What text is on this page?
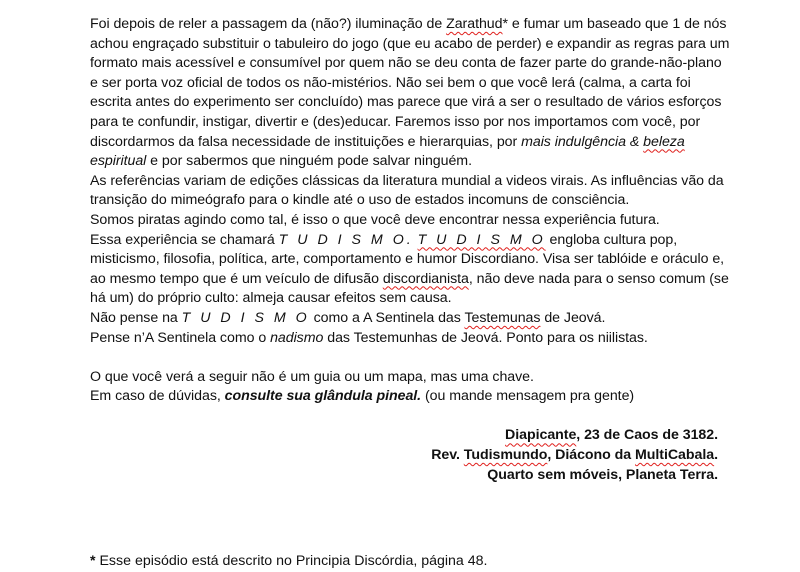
Foi depois de reler a passagem da (não?) iluminação de Zarathud* e fumar um baseado que 1 de nós achou engraçado substituir o tabuleiro do jogo (que eu acabo de perder) e expandir as regras para um formato mais acessível e consumível por quem não se deu conta de fazer parte do grande-não-plano e ser porta voz oficial de todos os não-mistérios. Não sei bem o que você lerá (calma, a carta foi escrita antes do experimento ser concluído) mas parece que virá a ser o resultado de vários esforços para te confundir, instigar, divertir e (des)educar. Faremos isso por nos importamos com você, por discordarmos da falsa necessidade de instituições e hierarquias, por mais indulgência & beleza espiritual e por sabermos que ninguém pode salvar ninguém.

As referências variam de edições clássicas da literatura mundial a videos virais. As influências vão da transição do mimeógrafo para o kindle até o uso de estados incomuns de consciência.

Somos piratas agindo como tal, é isso o que você deve encontrar nessa experiência futura.

Essa experiência se chamará T U D I S M O. T U D I S M O engloba cultura pop, misticismo, filosofia, política, arte, comportamento e humor Discordiano. Visa ser tablóide e oráculo e, ao mesmo tempo que é um veículo de difusão discordianista, não deve nada para o senso comum (se há um) do próprio culto: almeja causar efeitos sem causa.

Não pense na T U D I S M O como a A Sentinela das Testemunas de Jeová.

Pense n’A Sentinela como o nadismo das Testemunhas de Jeová. Ponto para os niilistas.

O que você verá a seguir não é um guia ou um mapa, mas uma chave.

Em caso de dúvidas, consulte sua glândula pineal. (ou mande mensagem pra gente)

Diapicante, 23 de Caos de 3182.

Rev. Tudismundo, Diácono da MultiCabala.

Quarto sem móveis, Planeta Terra.

* Esse episódio está descrito no Principia Discórdia, página 48.
